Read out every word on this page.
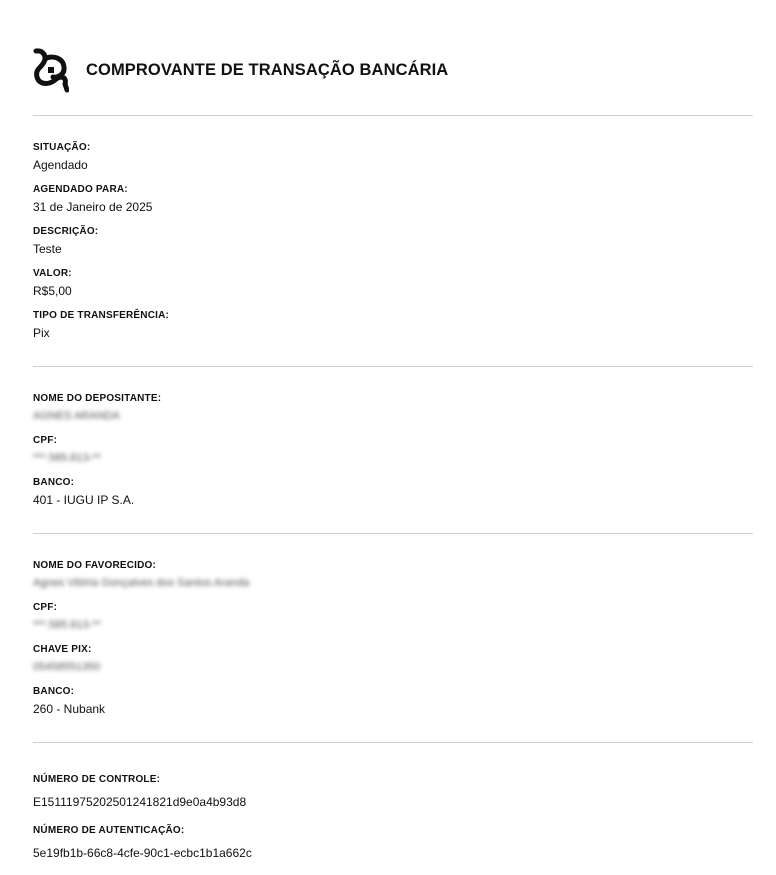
COMPROVANTE DE TRANSAÇÃO BANCÁRIA
SITUAÇÃO:
Agendado
AGENDADO PARA:
31 de Janeiro de 2025
DESCRIÇÃO:
Teste
VALOR:
R$5,00
TIPO DE TRANSFERÊNCIA:
Pix
NOME DO DEPOSITANTE:
AGNES ARANDA
CPF:
***.585.813-**
BANCO:
401 - IUGU IP S.A.
NOME DO FAVORECIDO:
Agnes Vitória Gonçalves dos Santos Aranda
CPF:
***.585.813-**
CHAVE PIX:
05458551350
BANCO:
260 - Nubank
NÚMERO DE CONTROLE:
E15111975202501241821d9e0a4b93d8
NÚMERO DE AUTENTICAÇÃO:
5e19fb1b-66c8-4cfe-90c1-ecbc1b1a662c
